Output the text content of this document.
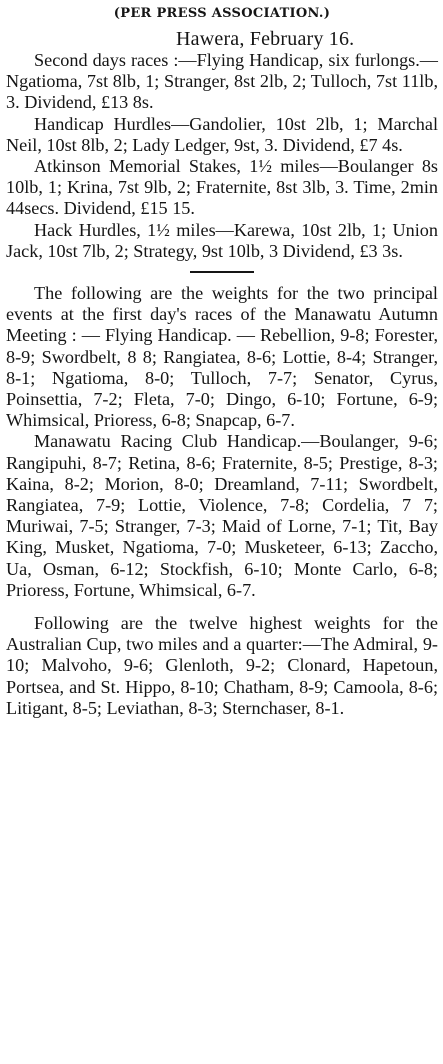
(PER PRESS ASSOCIATION.)
Hawera, February 16.

Second days races :—Flying Handicap, six furlongs.—Ngatioma, 7st 8lb, 1; Stranger, 8st 2lb, 2; Tulloch, 7st 11lb, 3. Dividend, £13 8s.

Handicap Hurdles—Gandolier, 10st 2lb, 1; Marchal Neil, 10st 8lb, 2; Lady Ledger, 9st, 3. Dividend, £7 4s.

Atkinson Memorial Stakes, 1½ miles—Boulanger 8s 10lb, 1; Krina, 7st 9lb, 2; Fraternite, 8st 3lb, 3. Time, 2min 44secs. Dividend, £15 15.

Hack Hurdles, 1½ miles—Karewa, 10st 2lb, 1; Union Jack, 10st 7lb, 2; Strategy, 9st 10lb, 3 Dividend, £3 3s.

The following are the weights for the two principal events at the first day's races of the Manawatu Autumn Meeting : — Flying Handicap. — Rebellion, 9-8; Forester, 8-9; Swordbelt, 8 8; Rangiatea, 8-6; Lottie, 8-4; Stranger, 8-1; Ngatioma, 8-0; Tulloch, 7-7; Senator, Cyrus, Poinsettia, 7-2; Fleta, 7-0; Dingo, 6-10; Fortune, 6-9; Whimsical, Prioress, 6-8; Snapcap, 6-7.

Manawatu Racing Club Handicap.—Boulanger, 9-6; Rangipuhi, 8-7; Retina, 8-6; Fraternite, 8-5; Prestige, 8-3; Kaina, 8-2; Morion, 8-0; Dreamland, 7-11; Swordbelt, Rangiatea, 7-9; Lottie, Violence, 7-8; Cordelia, 7 7; Muriwai, 7-5; Stranger, 7-3; Maid of Lorne, 7-1; Tit, Bay King, Musket, Ngatioma, 7-0; Musketeer, 6-13; Zaccho, Ua, Osman, 6-12; Stockfish, 6-10; Monte Carlo, 6-8; Prioress, Fortune, Whimsical, 6-7.

Following are the twelve highest weights for the Australian Cup, two miles and a quarter:—The Admiral, 9-10; Malvoho, 9-6; Glenloth, 9-2; Clonard, Hapetoun, Portsea, and St. Hippo, 8-10; Chatham, 8-9; Camoola, 8-6; Litigant, 8-5; Leviathan, 8-3; Sternchaser, 8-1.
